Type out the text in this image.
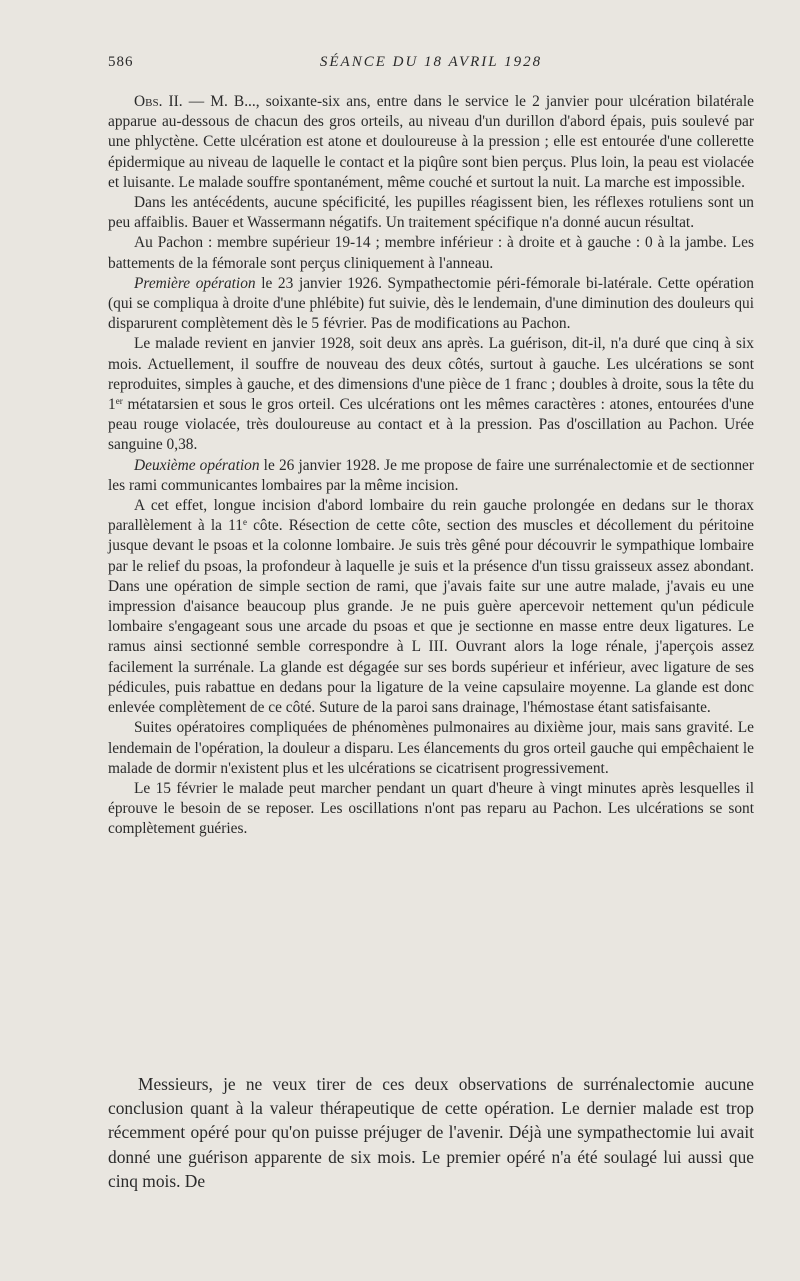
586	SÉANCE DU 18 AVRIL 1928

Obs. II. — M. B..., soixante-six ans, entre dans le service le 2 janvier pour ulcération bilatérale apparue au-dessous de chacun des gros orteils, au niveau d'un durillon d'abord épais, puis soulevé par une phlyctène. Cette ulcération est atone et douloureuse à la pression ; elle est entourée d'une collerette épidermique au niveau de laquelle le contact et la piqûre sont bien perçus. Plus loin, la peau est violacée et luisante. Le malade souffre spontanément, même couché et surtout la nuit. La marche est impossible.

Dans les antécédents, aucune spécificité, les pupilles réagissent bien, les réflexes rotuliens sont un peu affaiblis. Bauer et Wassermann négatifs. Un traitement spécifique n'a donné aucun résultat.

Au Pachon : membre supérieur 19-14 ; membre inférieur : à droite et à gauche : 0 à la jambe. Les battements de la fémorale sont perçus cliniquement à l'anneau.

Première opération le 23 janvier 1926. Sympathectomie péri-fémorale bi-latérale. Cette opération (qui se compliqua à droite d'une phlébite) fut suivie, dès le lendemain, d'une diminution des douleurs qui disparurent complètement dès le 5 février. Pas de modifications au Pachon.

Le malade revient en janvier 1928, soit deux ans après. La guérison, dit-il, n'a duré que cinq à six mois. Actuellement, il souffre de nouveau des deux côtés, surtout à gauche. Les ulcérations se sont reproduites, simples à gauche, et des dimensions d'une pièce de 1 franc ; doubles à droite, sous la tête du 1er métatarsien et sous le gros orteil. Ces ulcérations ont les mêmes caractères : atones, entourées d'une peau rouge violacée, très douloureuse au contact et à la pression. Pas d'oscillation au Pachon. Urée sanguine 0,38.

Deuxième opération le 26 janvier 1928. Je me propose de faire une surrénalectomie et de sectionner les rami communicantes lombaires par la même incision.

A cet effet, longue incision d'abord lombaire du rein gauche prolongée en dedans sur le thorax parallèlement à la 11e côte. Résection de cette côte, section des muscles et décollement du péritoine jusque devant le psoas et la colonne lombaire. Je suis très gêné pour découvrir le sympathique lombaire par le relief du psoas, la profondeur à laquelle je suis et la présence d'un tissu graisseux assez abondant. Dans une opération de simple section de rami, que j'avais faite sur une autre malade, j'avais eu une impression d'aisance beaucoup plus grande. Je ne puis guère apercevoir nettement qu'un pédicule lombaire s'engageant sous une arcade du psoas et que je sectionne en masse entre deux ligatures. Le ramus ainsi sectionné semble correspondre à L III. Ouvrant alors la loge rénale, j'aperçois assez facilement la surrénale. La glande est dégagée sur ses bords supérieur et inférieur, avec ligature de ses pédicules, puis rabattue en dedans pour la ligature de la veine capsulaire moyenne. La glande est donc enlevée complètement de ce côté. Suture de la paroi sans drainage, l'hémostase étant satisfaisante.

Suites opératoires compliquées de phénomènes pulmonaires au dixième jour, mais sans gravité. Le lendemain de l'opération, la douleur a disparu. Les élancements du gros orteil gauche qui empêchaient le malade de dormir n'existent plus et les ulcérations se cicatrisent progressivement.

Le 15 février le malade peut marcher pendant un quart d'heure à vingt minutes après lesquelles il éprouve le besoin de se reposer. Les oscillations n'ont pas reparu au Pachon. Les ulcérations se sont complètement guéries.

Messieurs, je ne veux tirer de ces deux observations de surrénalectomie aucune conclusion quant à la valeur thérapeutique de cette opération. Le dernier malade est trop récemment opéré pour qu'on puisse préjuger de l'avenir. Déjà une sympathectomie lui avait donné une guérison apparente de six mois. Le premier opéré n'a été soulagé lui aussi que cinq mois. De
